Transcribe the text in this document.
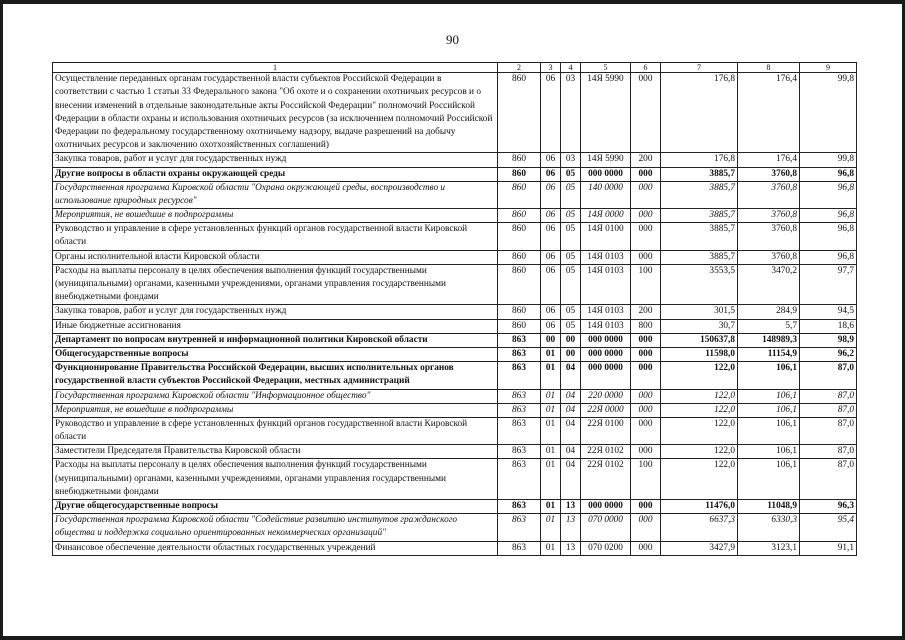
90
1	2	3	4	5	6	7	8	9
Осуществление переданных органам государственной власти субъектов Российской Федерации в соответствии с частью 1 статьи 33 Федерального закона "Об охоте и о сохранении охотничьих ресурсов и о внесении изменений в отдельные законодательные акты Российской Федерации" полномочий Российской Федерации в области охраны и использования охотничьих ресурсов (за исключением полномочий Российской Федерации по федеральному государственному охотничьему надзору, выдаче разрешений на добычу охотничьих ресурсов и заключению охотхозяйственных соглашений)	860	06	03	14Я 5990	000	176,8	176,4	99,8
Закупка товаров, работ и услуг для государственных нужд	860	06	03	14Я 5990	200	176,8	176,4	99,8
Другие вопросы в области охраны окружающей среды	860	06	05	000 0000	000	3885,7	3760,8	96,8
Государственная программа Кировской области "Охрана окружающей среды, воспроизводство и использование природных ресурсов"	860	06	05	140 0000	000	3885,7	3760,8	96,8
Мероприятия, не вошедшие в подпрограммы	860	06	05	14Я 0000	000	3885,7	3760,8	96,8
Руководство и управление в сфере установленных функций органов государственной власти Кировской области	860	06	05	14Я 0100	000	3885,7	3760,8	96,8
Органы исполнительной власти Кировской области	860	06	05	14Я 0103	000	3885,7	3760,8	96,8
Расходы на выплаты персоналу в целях обеспечения выполнения функций государственными (муниципальными) органами, казенными учреждениями, органами управления государственными внебюджетными фондами	860	06	05	14Я 0103	100	3553,5	3470,2	97,7
Закупка товаров, работ и услуг для государственных нужд	860	06	05	14Я 0103	200	301,5	284,9	94,5
Иные бюджетные ассигнования	860	06	05	14Я 0103	800	30,7	5,7	18,6
Департамент по вопросам внутренней и информационной политики Кировской области	863	00	00	000 0000	000	150637,8	148989,3	98,9
Общегосударственные вопросы	863	01	00	000 0000	000	11598,0	11154,9	96,2
Функционирование Правительства Российской Федерации, высших исполнительных органов государственной власти субъектов Российской Федерации, местных администраций	863	01	04	000 0000	000	122,0	106,1	87,0
Государственная программа Кировской области "Информационное общество"	863	01	04	220 0000	000	122,0	106,1	87,0
Мероприятия, не вошедшие в подпрограммы	863	01	04	22Я 0000	000	122,0	106,1	87,0
Руководство и управление в сфере установленных функций органов государственной власти Кировской области	863	01	04	22Я 0100	000	122,0	106,1	87,0
Заместители Председателя Правительства Кировской области	863	01	04	22Я 0102	000	122,0	106,1	87,0
Расходы на выплаты персоналу в целях обеспечения выполнения функций государственными (муниципальными) органами, казенными учреждениями, органами управления государственными внебюджетными фондами	863	01	04	22Я 0102	100	122,0	106,1	87,0
Другие общегосударственные вопросы	863	01	13	000 0000	000	11476,0	11048,9	96,3
Государственная программа Кировской области "Содействие развитию институтов гражданского общества и поддержка социально ориентированных некоммерческих организаций"	863	01	13	070 0000	000	6637,3	6330,3	95,4
Финансовое обеспечение деятельности областных государственных учреждений	863	01	13	070 0200	000	3427,9	3123,1	91,1
